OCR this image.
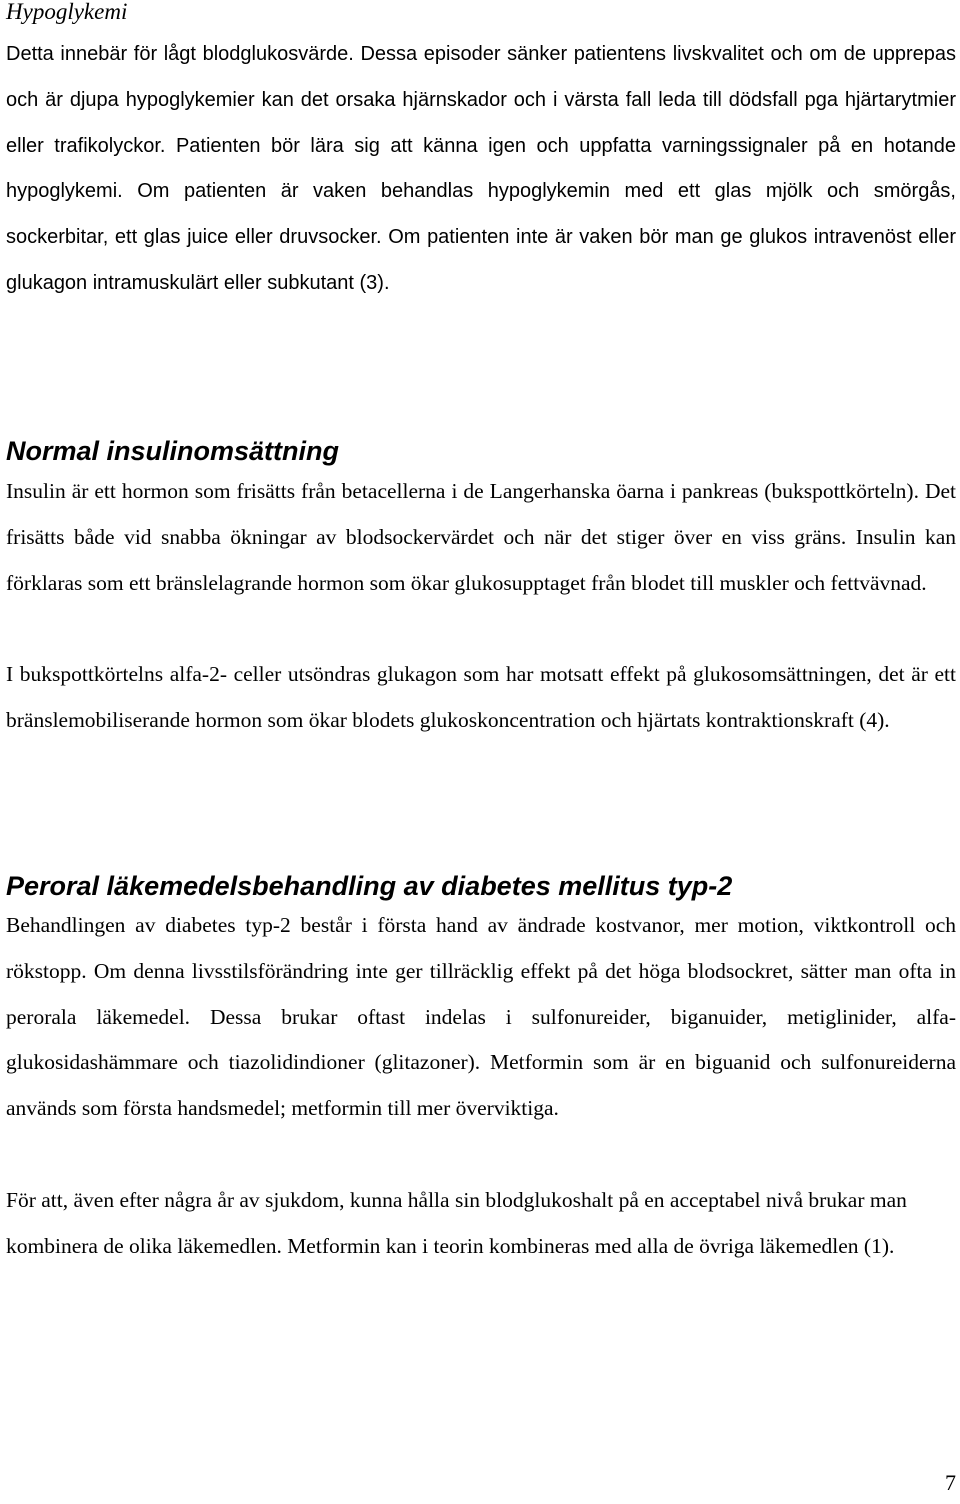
Hypoglykemi

Detta innebär för lågt blodglukosvärde. Dessa episoder sänker patientens livskvalitet och om de upprepas och är djupa hypoglykemier kan det orsaka hjärnskador och i värsta fall leda till dödsfall pga hjärtarytmier eller trafikolyckor. Patienten bör lära sig att känna igen och uppfatta varningssignaler på en hotande hypoglykemi. Om patienten är vaken behandlas hypoglykemin med ett glas mjölk och smörgås, sockerbitar, ett glas juice eller druvsocker. Om patienten inte är vaken bör man ge glukos intravenöst eller glukagon intramuskulärt eller subkutant (3).

Normal insulinomsättning

Insulin är ett hormon som frisätts från betacellerna i de Langerhanska öarna i pankreas (bukspottkörteln). Det frisätts både vid snabba ökningar av blodsockervärdet och när det stiger över en viss gräns. Insulin kan förklaras som ett bränslelagrande hormon som ökar glukosupptaget från blodet till muskler och fettvävnad.

I bukspottkörtelns alfa-2- celler utsöndras glukagon som har motsatt effekt på glukosomsättningen, det är ett bränslemobiliserande hormon som ökar blodets glukoskoncentration och hjärtats kontraktionskraft (4).

Peroral läkemedelsbehandling av diabetes mellitus typ-2

Behandlingen av diabetes typ-2 består i första hand av ändrade kostvanor, mer motion, viktkontroll och rökstopp. Om denna livsstilsförändring inte ger tillräcklig effekt på det höga blodsockret, sätter man ofta in perorala läkemedel. Dessa brukar oftast indelas i sulfonureider, biganuider, metiglinider, alfa-glukosidashämmare och tiazolidindioner (glitazoner). Metformin som är en biguanid och sulfonureiderna används som första handsmedel; metformin till mer överviktiga.

För att, även efter några år av sjukdom, kunna hålla sin blodglukoshalt på en acceptabel nivå brukar man kombinera de olika läkemedlen. Metformin kan i teorin kombineras med alla de övriga läkemedlen (1).

7
